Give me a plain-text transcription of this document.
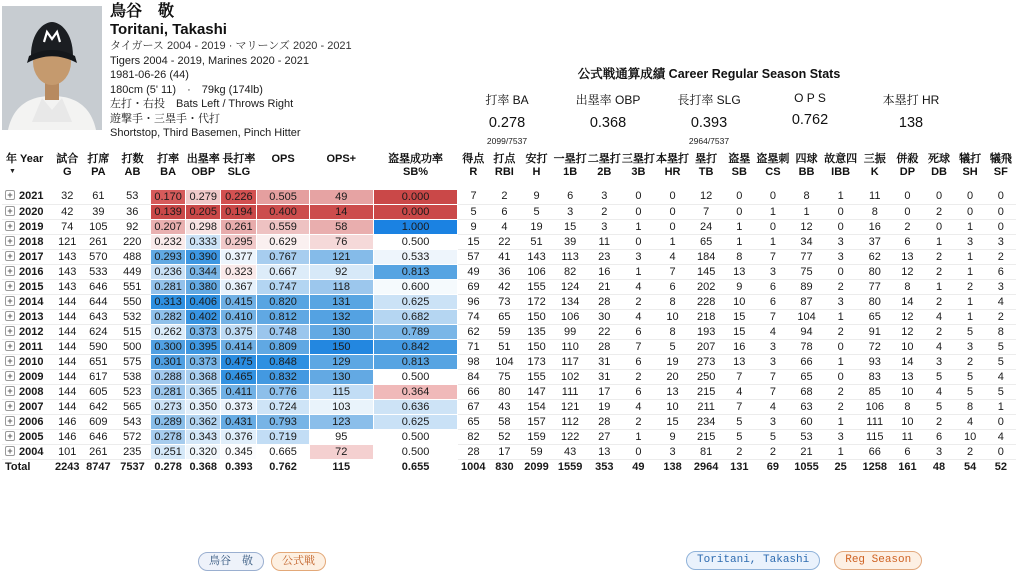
鳥谷　敬
Toritani, Takashi
タイガース 2004 - 2019 · マリーンズ 2020 - 2021
Tigers 2004 - 2019, Marines 2020 - 2021
1981-06-26 (44)
180cm (5' 11)　·　79kg (174lb)
左打・右投　Bats Left / Throws Right
遊撃手・三塁手・代打
Shortstop, Third Basemen, Pinch Hitter
公式戦通算成績 Career Regular Season Stats
打率 BA
0.278
2099/7537
出塁率 OBP
0.368
長打率 SLG
0.393
2964/7537
O P S
0.762
本塁打 HR
138
年 Year
▼

試合
G

打席
PA

打数
AB

打率
BA

出塁率
OBP

長打率
SLG

OPS	OPS+	盗塁成功率
SB%

得点
R

打点
RBI

安打
H

一塁打
1B

二塁打
2B

三塁打
3B

本塁打
HR

塁打
TB

盗塁
SB

盗塁刺
CS

四球
BB

故意四
IBB

三振
K

併殺
DP

死球
DB

犠打
SH

犠飛
SF

+ 2021	32	61	53	0.170	0.279	0.226	0.505	49	0.000	7	2	9	6	3	0	0	12	0	0	8	1	11	0	0	0	0
+ 2020	42	39	36	0.139	0.205	0.194	0.400	14	0.000	5	6	5	3	2	0	0	7	0	1	1	0	8	0	2	0	0
+ 2019	74	105	92	0.207	0.298	0.261	0.559	58	1.000	9	4	19	15	3	1	0	24	1	0	12	0	16	2	0	1	0
+ 2018	121	261	220	0.232	0.333	0.295	0.629	76	0.500	15	22	51	39	11	0	1	65	1	1	34	3	37	6	1	3	3
+ 2017	143	570	488	0.293	0.390	0.377	0.767	121	0.533	57	41	143	113	23	3	4	184	8	7	77	3	62	13	2	1	2
+ 2016	143	533	449	0.236	0.344	0.323	0.667	92	0.813	49	36	106	82	16	1	7	145	13	3	75	0	80	12	2	1	6
+ 2015	143	646	551	0.281	0.380	0.367	0.747	118	0.600	69	42	155	124	21	4	6	202	9	6	89	2	77	8	1	2	3
+ 2014	144	644	550	0.313	0.406	0.415	0.820	131	0.625	96	73	172	134	28	2	8	228	10	6	87	3	80	14	2	1	4
+ 2013	144	643	532	0.282	0.402	0.410	0.812	132	0.682	74	65	150	106	30	4	10	218	15	7	104	1	65	12	4	1	2
+ 2012	144	624	515	0.262	0.373	0.375	0.748	130	0.789	62	59	135	99	22	6	8	193	15	4	94	2	91	12	2	5	8
+ 2011	144	590	500	0.300	0.395	0.414	0.809	150	0.842	71	51	150	110	28	7	5	207	16	3	78	0	72	10	4	3	5
+ 2010	144	651	575	0.301	0.373	0.475	0.848	129	0.813	98	104	173	117	31	6	19	273	13	3	66	1	93	14	3	2	5
+ 2009	144	617	538	0.288	0.368	0.465	0.832	130	0.500	84	75	155	102	31	2	20	250	7	7	65	0	83	13	5	5	4
+ 2008	144	605	523	0.281	0.365	0.411	0.776	115	0.364	66	80	147	111	17	6	13	215	4	7	68	2	85	10	4	5	5
+ 2007	144	642	565	0.273	0.350	0.373	0.724	103	0.636	67	43	154	121	19	4	10	211	7	4	63	2	106	8	5	8	1
+ 2006	146	609	543	0.289	0.362	0.431	0.793	123	0.625	65	58	157	112	28	2	15	234	5	3	60	1	111	10	2	4	0
+ 2005	146	646	572	0.278	0.343	0.376	0.719	95	0.500	82	52	159	122	27	1	9	215	5	5	53	3	115	11	6	10	4
+ 2004	101	261	235	0.251	0.320	0.345	0.665	72	0.500	28	17	59	43	13	0	3	81	2	2	21	1	66	6	3	2	0
Total	2243	8747	7537	0.278	0.368	0.393	0.762	115	0.655	1004	830	2099	1559	353	49	138	2964	131	69	1055	25	1258	161	48	54	52
鳥谷　敬	公式戦	Toritani, Takashi	Reg Season
